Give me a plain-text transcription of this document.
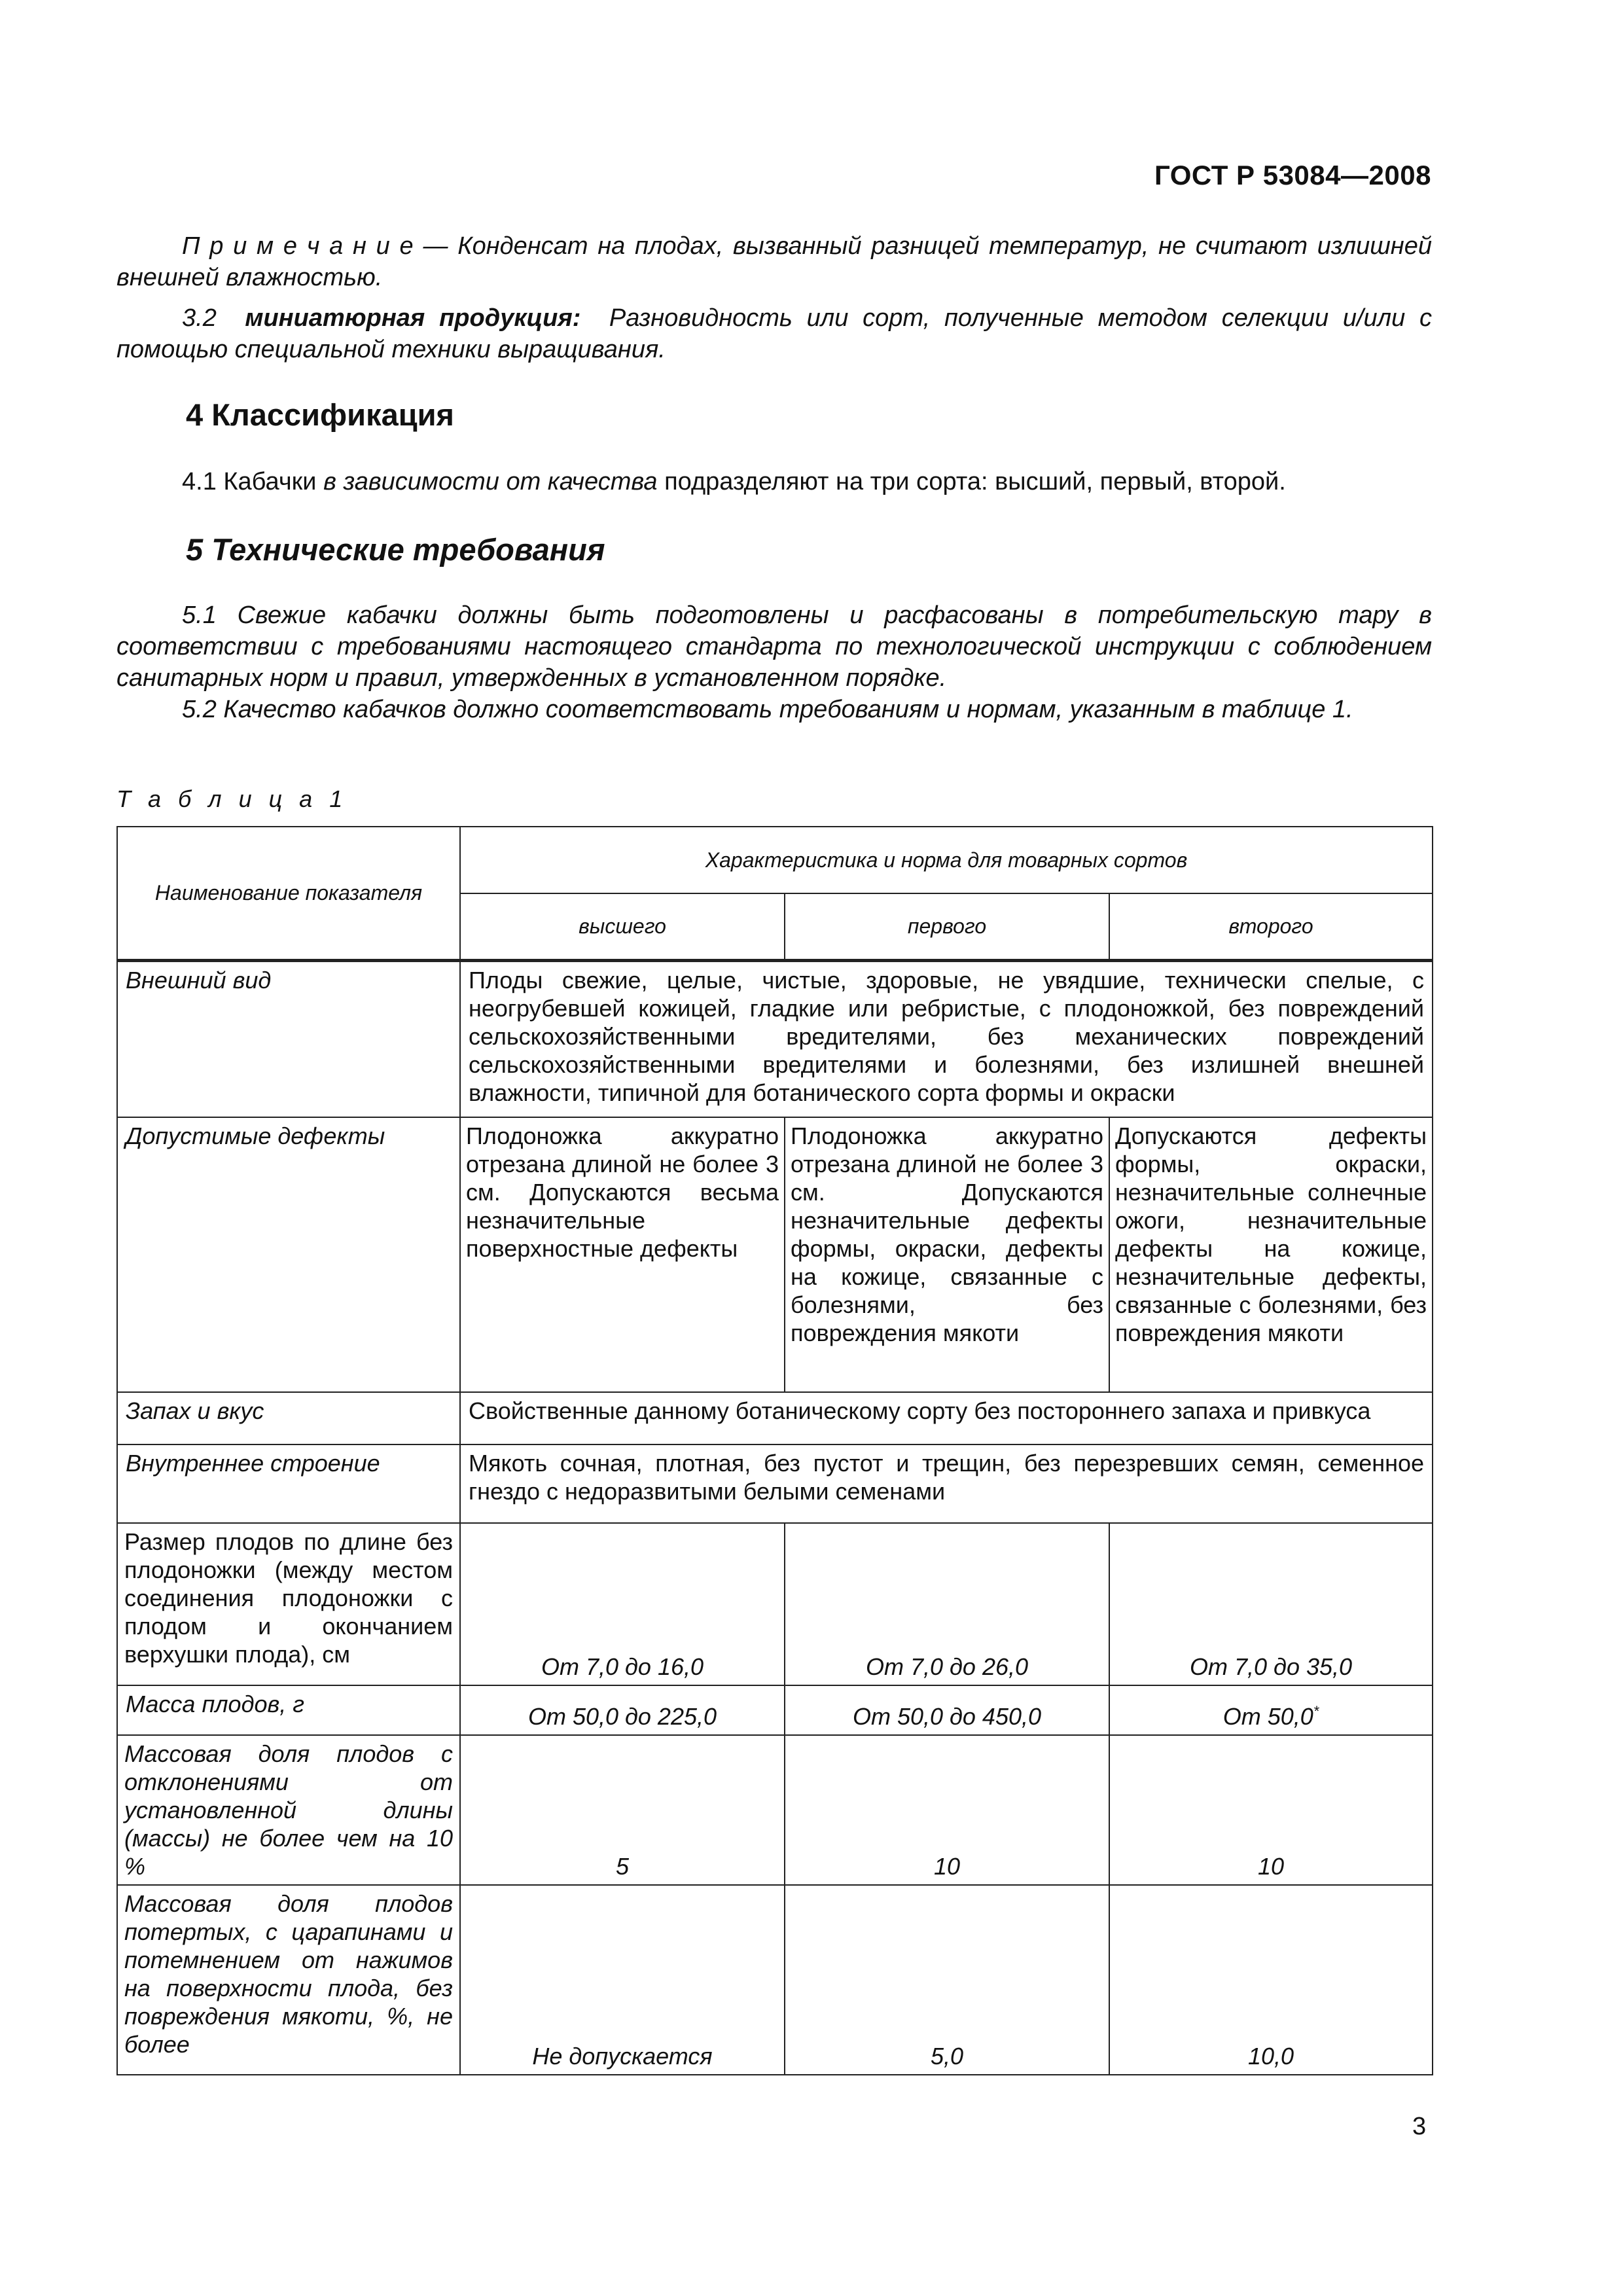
ГОСТ Р 53084—2008
П р и м е ч а н и е — Конденсат на плодах, вызванный разницей температур, не считают излишней внешней влажностью.
3.2 миниатюрная продукция: Разновидность или сорт, полученные методом селекции и/или с помощью специальной техники выращивания.
4 Классификация
4.1 Кабачки в зависимости от качества подразделяют на три сорта: высший, первый, второй.
5 Технические требования
5.1 Свежие кабачки должны быть подготовлены и расфасованы в потребительскую тару в соответствии с требованиями настоящего стандарта по технологической инструкции с соблюдением санитарных норм и правил, утвержденных в установленном порядке.
5.2 Качество кабачков должно соответствовать требованиям и нормам, указанным в таблице 1.
Т а б л и ц а 1
Наименование показателя	Характеристика и норма для товарных сортов		
	высшего	первого	второго
Внешний вид	Плоды свежие, целые, чистые, здоровые, не увядшие, технически спелые, с неогрубевшей кожицей, гладкие или ребристые, с плодоножкой, без повреждений сельскохозяйственными вредителями, без механических повреждений сельскохозяйственными вредителями и болезнями, без излишней внешней влажности, типичной для ботанического сорта формы и окраски		
Допустимые дефекты	Плодоножка аккуратно отрезана длиной не более 3 см. Допускаются весьма незначительные поверхностные дефекты	Плодоножка аккуратно отрезана длиной не более 3 см. Допускаются незначительные дефекты формы, окраски, дефекты на кожице, связанные с болезнями, без повреждения мякоти	Допускаются дефекты формы, окраски, незначительные солнечные ожоги, незначительные дефекты на кожице, незначительные дефекты, связанные с болезнями, без повреждения мякоти
Запах и вкус	Свойственные данному ботаническому сорту без постороннего запаха и привкуса		
Внутреннее строение	Мякоть сочная, плотная, без пустот и трещин, без перезревших семян, семенное гнездо с недоразвитыми белыми семенами		
Размер плодов по длине без плодоножки (между местом соединения плодоножки с плодом и окончанием верхушки плода), см	От 7,0 до 16,0	От 7,0 до 26,0	От 7,0 до 35,0
Масса плодов, г	От 50,0 до 225,0	От 50,0 до 450,0	От 50,0*
Массовая доля плодов с отклонениями от установленной длины (массы) не более чем на 10 %	5	10	10
Массовая доля плодов потертых, с царапинами и потемнением от нажимов на поверхности плода, без повреждения мякоти, %, не более	Не допускается	5,0	10,0
3
